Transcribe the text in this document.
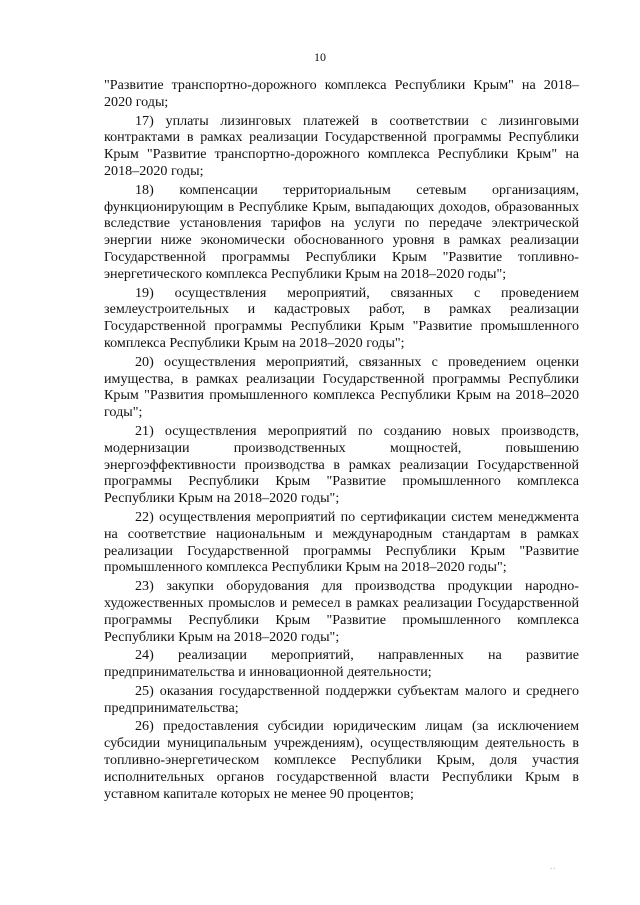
10

"Развитие транспортно-дорожного комплекса Республики Крым" на 2018–2020 годы;

17) уплаты лизинговых платежей в соответствии с лизинговыми контрактами в рамках реализации Государственной программы Республики Крым "Развитие транспортно-дорожного комплекса Республики Крым" на 2018–2020 годы;

18) компенсации территориальным сетевым организациям, функционирующим в Республике Крым, выпадающих доходов, образованных вследствие установления тарифов на услуги по передаче электрической энергии ниже экономически обоснованного уровня в рамках реализации Государственной программы Республики Крым "Развитие топливно-энергетического комплекса Республики Крым на 2018–2020 годы";

19) осуществления мероприятий, связанных с проведением землеустроительных и кадастровых работ, в рамках реализации Государственной программы Республики Крым "Развитие промышленного комплекса Республики Крым на 2018–2020 годы";

20) осуществления мероприятий, связанных с проведением оценки имущества, в рамках реализации Государственной программы Республики Крым "Развития промышленного комплекса Республики Крым на 2018–2020 годы";

21) осуществления мероприятий по созданию новых производств, модернизации производственных мощностей, повышению энергоэффективности производства в рамках реализации Государственной программы Республики Крым "Развитие промышленного комплекса Республики Крым на 2018–2020 годы";

22) осуществления мероприятий по сертификации систем менеджмента на соответствие национальным и международным стандартам в рамках реализации Государственной программы Республики Крым "Развитие промышленного комплекса Республики Крым на 2018–2020 годы";

23) закупки оборудования для производства продукции народно-художественных промыслов и ремесел в рамках реализации Государственной программы Республики Крым "Развитие промышленного комплекса Республики Крым на 2018–2020 годы";

24) реализации мероприятий, направленных на развитие предпринимательства и инновационной деятельности;

25) оказания государственной поддержки субъектам малого и среднего предпринимательства;

26) предоставления субсидии юридическим лицам (за исключением субсидии муниципальным учреждениям), осуществляющим деятельность в топливно-энергетическом комплексе Республики Крым, доля участия исполнительных органов государственной власти Республики Крым в уставном капитале которых не менее 90 процентов;

··
